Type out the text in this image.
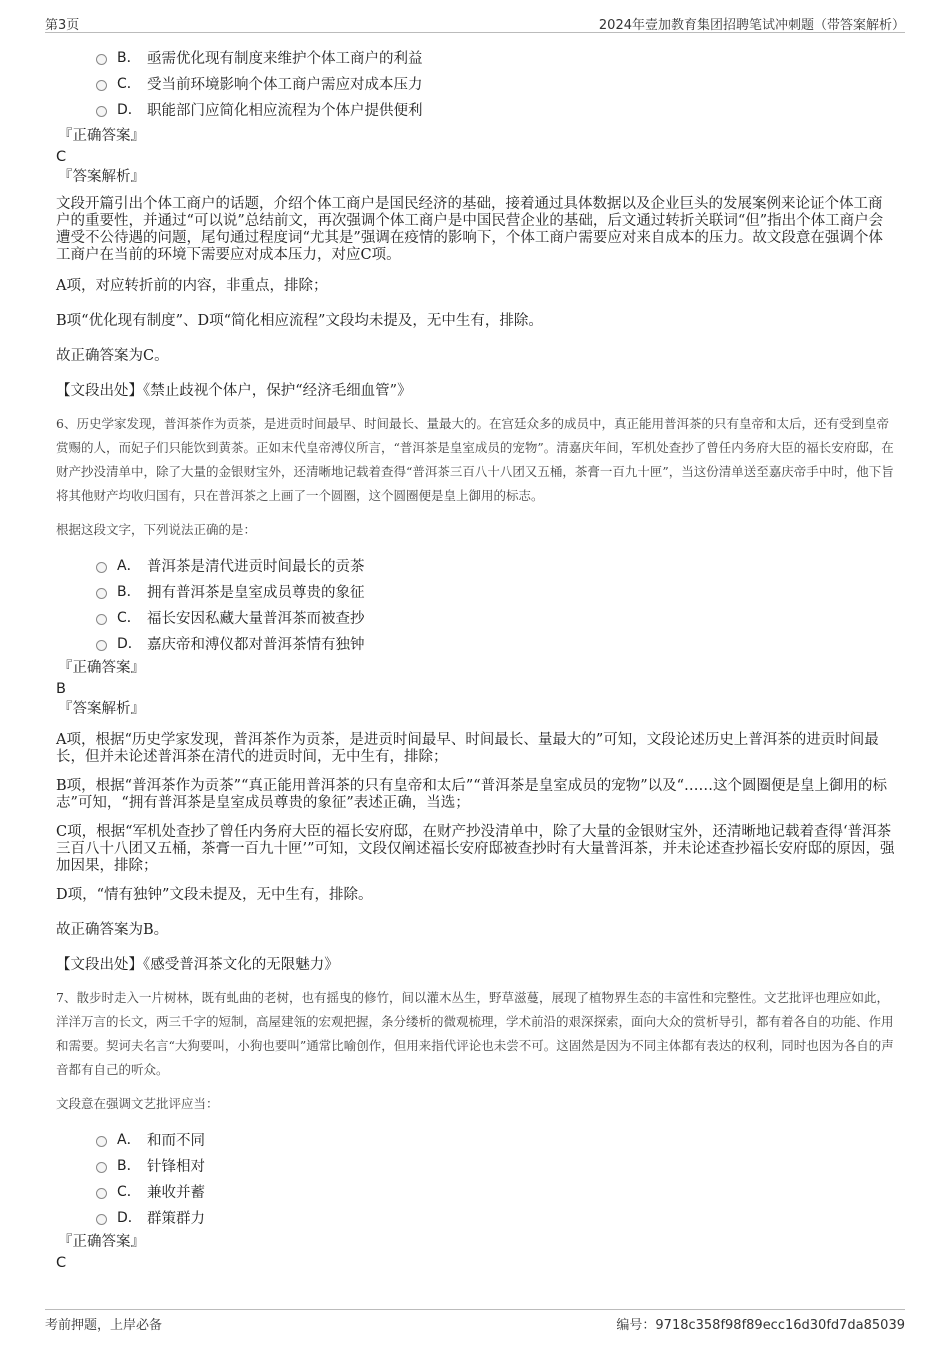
第3页	2024年壹加教育集团招聘笔试冲刺题（带答案解析）
B． 亟需优化现有制度来维护个体工商户的利益
C． 受当前环境影响个体工商户需应对成本压力
D． 职能部门应简化相应流程为个体户提供便利
『正确答案』
C
『答案解析』

文段开篇引出个体工商户的话题，介绍个体工商户是国民经济的基础，接着通过具体数据以及企业巨头的发展案例来论证个体工商户的重要性，并通过“可以说”总结前文，再次强调个体工商户是中国民营企业的基础，后文通过转折关联词“但”指出个体工商户会遭受不公待遇的问题，尾句通过程度词“尤其是”强调在疫情的影响下，个体工商户需要应对来自成本的压力。故文段意在强调个体工商户在当前的环境下需要应对成本压力，对应C项。

A项，对应转折前的内容，非重点，排除；

B项“优化现有制度”、D项“简化相应流程”文段均未提及，无中生有，排除。

故正确答案为C。

【文段出处】《禁止歧视个体户，保护“经济毛细血管”》

6、历史学家发现，普洱茶作为贡茶，是进贡时间最早、时间最长、量最大的。在宫廷众多的成员中，真正能用普洱茶的只有皇帝和太后，还有受到皇帝赏赐的人，而妃子们只能饮到黄茶。正如末代皇帝溥仪所言，“普洱茶是皇室成员的宠物”。清嘉庆年间，军机处查抄了曾任内务府大臣的福长安府邸，在财产抄没清单中，除了大量的金银财宝外，还清晰地记载着查得“普洱茶三百八十八团又五桶，茶膏一百九十匣”，当这份清单送至嘉庆帝手中时，他下旨将其他财产均收归国有，只在普洱茶之上画了一个圆圈，这个圆圈便是皇上御用的标志。

根据这段文字，下列说法正确的是：

A． 普洱茶是清代进贡时间最长的贡茶
B． 拥有普洱茶是皇室成员尊贵的象征
C． 福长安因私藏大量普洱茶而被查抄
D． 嘉庆帝和溥仪都对普洱茶情有独钟
『正确答案』
B
『答案解析』

A项，根据“历史学家发现，普洱茶作为贡茶，是进贡时间最早、时间最长、量最大的”可知，文段论述历史上普洱茶的进贡时间最长，但并未论述普洱茶在清代的进贡时间，无中生有，排除；

B项，根据“普洱茶作为贡茶”“真正能用普洱茶的只有皇帝和太后”“普洱茶是皇室成员的宠物”以及“……这个圆圈便是皇上御用的标志”可知，“拥有普洱茶是皇室成员尊贵的象征”表述正确，当选；

C项，根据“军机处查抄了曾任内务府大臣的福长安府邸，在财产抄没清单中，除了大量的金银财宝外，还清晰地记载着查得‘普洱茶三百八十八团又五桶，茶膏一百九十匣’”可知，文段仅阐述福长安府邸被查抄时有大量普洱茶，并未论述查抄福长安府邸的原因，强加因果，排除；

D项，“情有独钟”文段未提及，无中生有，排除。

故正确答案为B。

【文段出处】《感受普洱茶文化的无限魅力》

7、散步时走入一片树林，既有虬曲的老树，也有摇曳的修竹，间以灌木丛生，野草滋蔓，展现了植物界生态的丰富性和完整性。文艺批评也理应如此，洋洋万言的长文，两三千字的短制，高屋建瓴的宏观把握，条分缕析的微观梳理，学术前沿的艰深探索，面向大众的赏析导引，都有着各自的功能、作用和需要。契诃夫名言“大狗要叫，小狗也要叫”通常比喻创作，但用来指代评论也未尝不可。这固然是因为不同主体都有表达的权利，同时也因为各自的声音都有自己的听众。

文段意在强调文艺批评应当：

A． 和而不同
B． 针锋相对
C． 兼收并蓄
D． 群策群力
『正确答案』
C
考前押题，上岸必备	编号：9718c358f98f89ecc16d30fd7da85039
